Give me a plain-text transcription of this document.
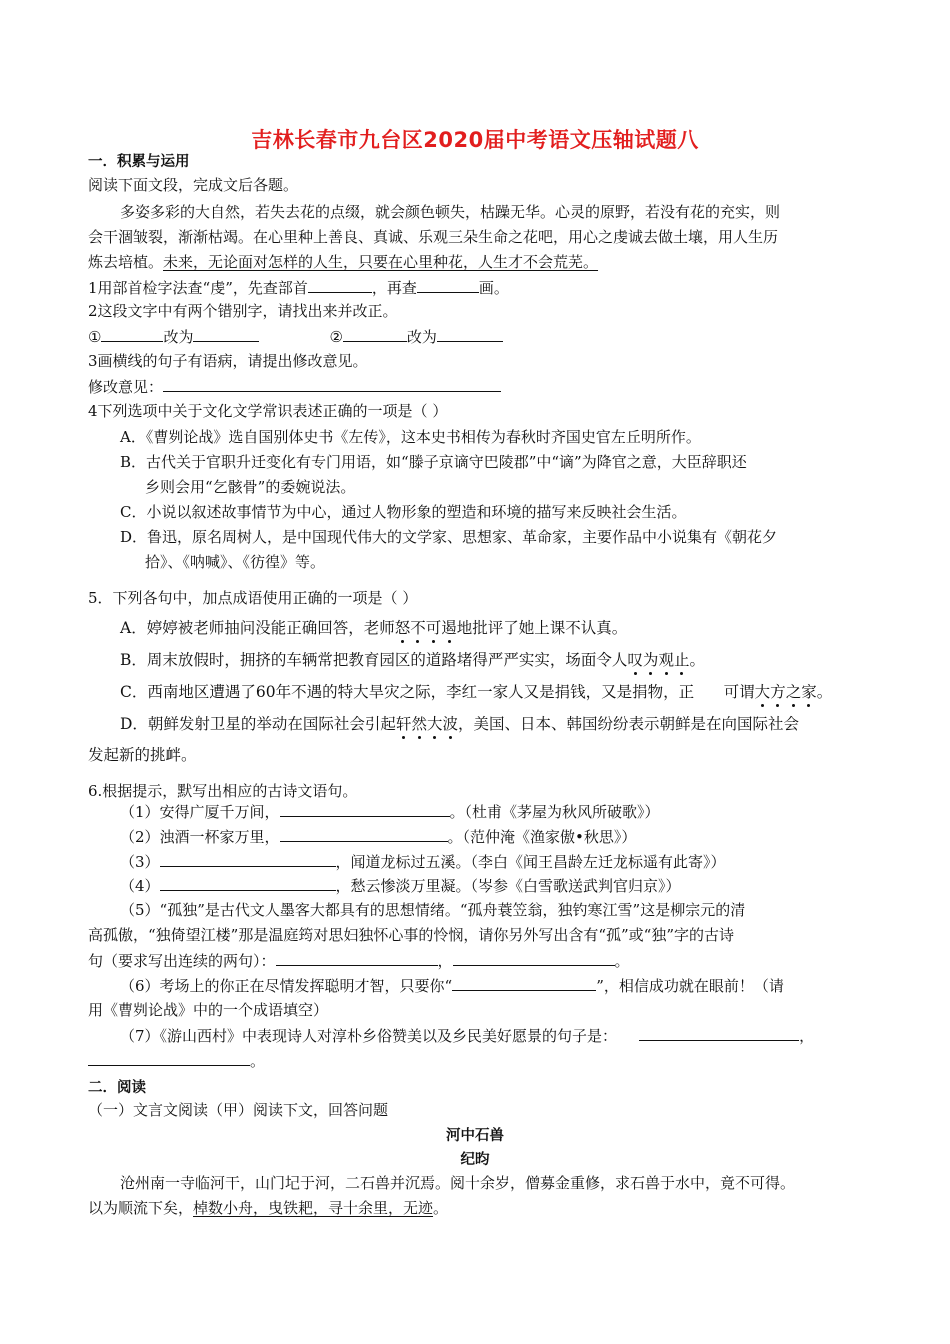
吉林长春市九台区2020届中考语文压轴试题八
一．积累与运用
阅读下面文段，完成文后各题。
多姿多彩的大自然，若失去花的点缀，就会颜色顿失，枯躁无华。心灵的原野，若没有花的充实，则
会干涸皱裂，渐渐枯竭。在心里种上善良、真诚、乐观三朵生命之花吧，用心之虔诚去做土壤，用人生历
炼去培植。未来，无论面对怎样的人生，只要在心里种花，人生才不会荒芜。
1用部首检字法查“虔”，先查部首	，再查	画。
2这段文字中有两个错别字，请找出来并改正。
①	改为	②	改为
3画横线的句子有语病，请提出修改意见。
修改意见：
4下列选项中关于文化文学常识表述正确的一项是（ ）
A．《曹刿论战》选自国别体史书《左传》，这本史书相传为春秋时齐国史官左丘明所作。
B．古代关于官职升迁变化有专门用语，如“滕子京谪守巴陵郡”中“谪”为降官之意，大臣辞职还
乡则会用“乞骸骨”的委婉说法。
C．小说以叙述故事情节为中心，通过人物形象的塑造和环境的描写来反映社会生活。
D．鲁迅，原名周树人，是中国现代伟大的文学家、思想家、革命家，主要作品中小说集有《朝花夕
拾》、《呐喊》、《彷徨》等。
5．下列各句中，加点成语使用正确的一项是（ ）
A．婷婷被老师抽问没能正确回答，老师怒不可遏地批评了她上课不认真。
B．周末放假时，拥挤的车辆常把教育园区的道路堵得严严实实，场面令人叹为观止。
C．西南地区遭遇了60年不遇的特大旱灾之际，李红一家人又是捐钱，又是捐物，正      可谓大方之家。
D．朝鲜发射卫星的举动在国际社会引起轩然大波，美国、日本、韩国纷纷表示朝鲜是在向国际社会
发起新的挑衅。
6.根据提示，默写出相应的古诗文语句。
（1）安得广厦千万间，	。（杜甫《茅屋为秋风所破歌》）
（2）浊酒一杯家万里，	。（范仲淹《渔家傲•秋思》）
（3）	，闻道龙标过五溪。（李白《闻王昌龄左迁龙标遥有此寄》）
（4）	，愁云惨淡万里凝。（岑参《白雪歌送武判官归京》）
（5）“孤独”是古代文人墨客大都具有的思想情绪。“孤舟蓑笠翁，独钓寒江雪”这是柳宗元的清
高孤傲，“独倚望江楼”那是温庭筠对思妇独怀心事的怜悯，请你另外写出含有“孤”或“独”字的古诗
句（要求写出连续的两句）：	，	。
（6）考场上的你正在尽情发挥聪明才智，只要你“	”，相信成功就在眼前！（请
用《曹刿论战》中的一个成语填空）
（7）《游山西村》中表现诗人对淳朴乡俗赞美以及乡民美好愿景的句子是：	，
。
二．阅读
（一）文言文阅读（甲）阅读下文，回答问题
河中石兽
纪昀
沧州南一寺临河干，山门圮于河，二石兽并沉焉。阅十余岁，僧募金重修，求石兽于水中，竟不可得。
以为顺流下矣，棹数小舟，曳铁耙，寻十余里，无迹。
